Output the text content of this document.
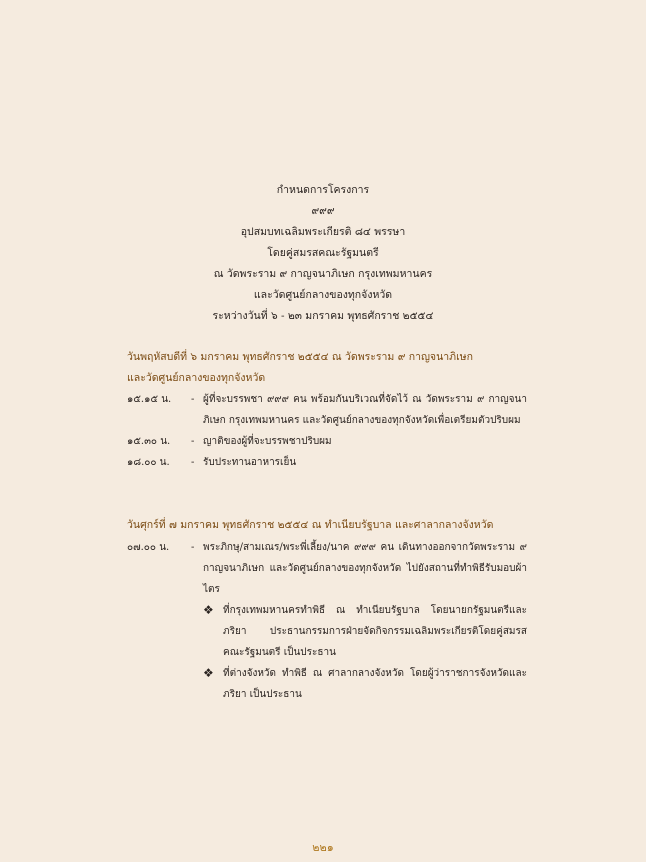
กำหนดการโครงการ
๙๙๙
อุปสมบทเฉลิมพระเกียรติ ๘๔ พรรษา
โดยคู่สมรสคณะรัฐมนตรี
ณ วัดพระราม ๙ กาญจนาภิเษก กรุงเทพมหานคร
และวัดศูนย์กลางของทุกจังหวัด
ระหว่างวันที่ ๖ - ๒๓ มกราคม พุทธศักราช ๒๕๕๔
วันพฤหัสบดีที่ ๖ มกราคม พุทธศักราช ๒๕๕๔ ณ วัดพระราม ๙ กาญจนาภิเษก
และวัดศูนย์กลางของทุกจังหวัด
๑๕.๑๕ น.	- ผู้ที่จะบรรพชา ๙๙๙ คน พร้อมกันบริเวณที่จัดไว้ ณ วัดพระราม ๙ กาญจนาภิเษก กรุงเทพมหานคร และวัดศูนย์กลางของทุกจังหวัดเพื่อเตรียมตัวปริบผม
๑๕.๓๐ น.	- ญาติของผู้ที่จะบรรพชาปริบผม
๑๘.๐๐ น.	- รับประทานอาหารเย็น
วันศุกร์ที่ ๗ มกราคม พุทธศักราช ๒๕๕๔ ณ ทำเนียบรัฐบาล และศาลากลางจังหวัด
๐๗.๐๐ น.	- พระภิกษุ/สามเณร/พระพี่เลี้ยง/นาค ๙๙๙ คน เดินทางออกจากวัดพระราม ๙ กาญจนาภิเษก และวัดศูนย์กลางของทุกจังหวัด ไปยังสถานที่ทำพิธีรับมอบผ้าไตร
❖ ที่กรุงเทพมหานครทำพิธี ณ ทำเนียบรัฐบาล โดยนายกรัฐมนตรีและภริยา ประธานกรรมการฝ่ายจัดกิจกรรมเฉลิมพระเกียรติโดยคู่สมรสคณะรัฐมนตรี เป็นประธาน
❖ ที่ต่างจังหวัด ทำพิธี ณ ศาลากลางจังหวัด โดยผู้ว่าราชการจังหวัดและภริยา เป็นประธาน
๒๒๑
